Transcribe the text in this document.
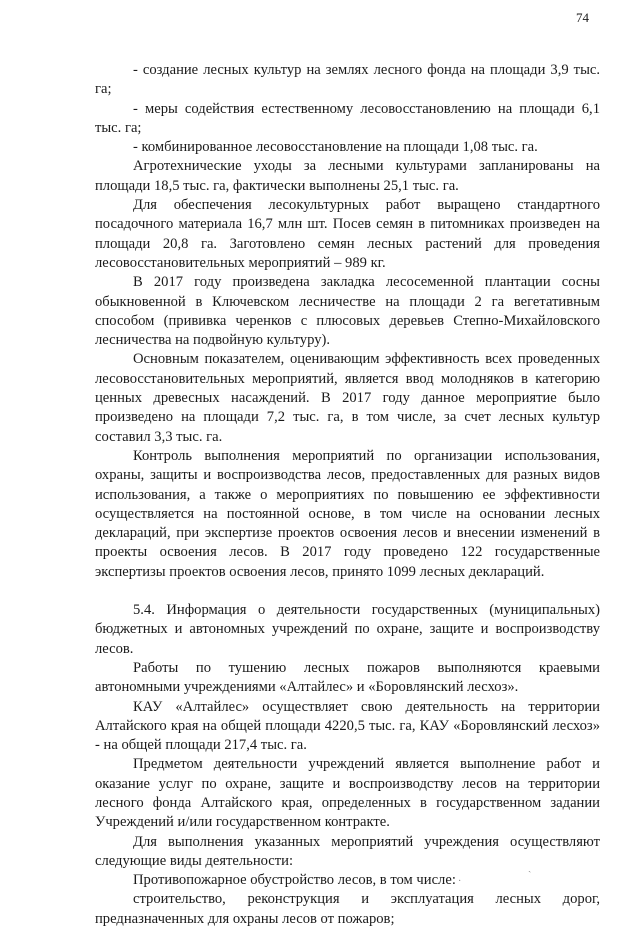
74

- создание лесных культур на землях лесного фонда на площади 3,9 тыс. га;

- меры содействия естественному лесовосстановлению на площади 6,1 тыс. га;

- комбинированное лесовосстановление на площади 1,08 тыс. га.

Агротехнические уходы за лесными культурами запланированы на площади 18,5 тыс. га, фактически выполнены 25,1 тыс. га.

Для обеспечения лесокультурных работ выращено стандартного посадочного материала 16,7 млн шт. Посев семян в питомниках произведен на площади 20,8 га. Заготовлено семян лесных растений для проведения лесовосстановительных мероприятий – 989 кг.

В 2017 году произведена закладка лесосеменной плантации сосны обыкновенной в Ключевском лесничестве на площади 2 га вегетативным способом (прививка черенков с плюсовых деревьев Степно-Михайловского лесничества на подвойную культуру).

Основным показателем, оценивающим эффективность всех проведенных лесовосстановительных мероприятий, является ввод молодняков в категорию ценных древесных насаждений. В 2017 году данное мероприятие было произведено на площади 7,2 тыс. га, в том числе, за счет лесных культур составил 3,3 тыс. га.

Контроль выполнения мероприятий по организации использования, охраны, защиты и воспроизводства лесов, предоставленных для разных видов использования, а также о мероприятиях по повышению ее эффективности осуществляется на постоянной основе, в том числе на основании лесных деклараций, при экспертизе проектов освоения лесов и внесении изменений в проекты освоения лесов. В 2017 году проведено 122 государственные экспертизы проектов освоения лесов, принято 1099 лесных деклараций.

5.4. Информация о деятельности государственных (муниципальных) бюджетных и автономных учреждений по охране, защите и воспроизводству лесов.

Работы по тушению лесных пожаров выполняются краевыми автономными учреждениями «Алтайлес» и «Боровлянский лесхоз».

КАУ «Алтайлес» осуществляет свою деятельность на территории Алтайского края на общей площади 4220,5 тыс. га, КАУ «Боровлянский лесхоз» - на общей площади 217,4 тыс. га.

Предметом деятельности учреждений является выполнение работ и оказание услуг по охране, защите и воспроизводству лесов на территории лесного фонда Алтайского края, определенных в государственном задании Учреждений и/или государственном контракте.

Для выполнения указанных мероприятий учреждения осуществляют следующие виды деятельности:

Противопожарное обустройство лесов, в том числе:

строительство, реконструкция и эксплуатация лесных дорог, предназначенных для охраны лесов от пожаров;

ˎ
·
